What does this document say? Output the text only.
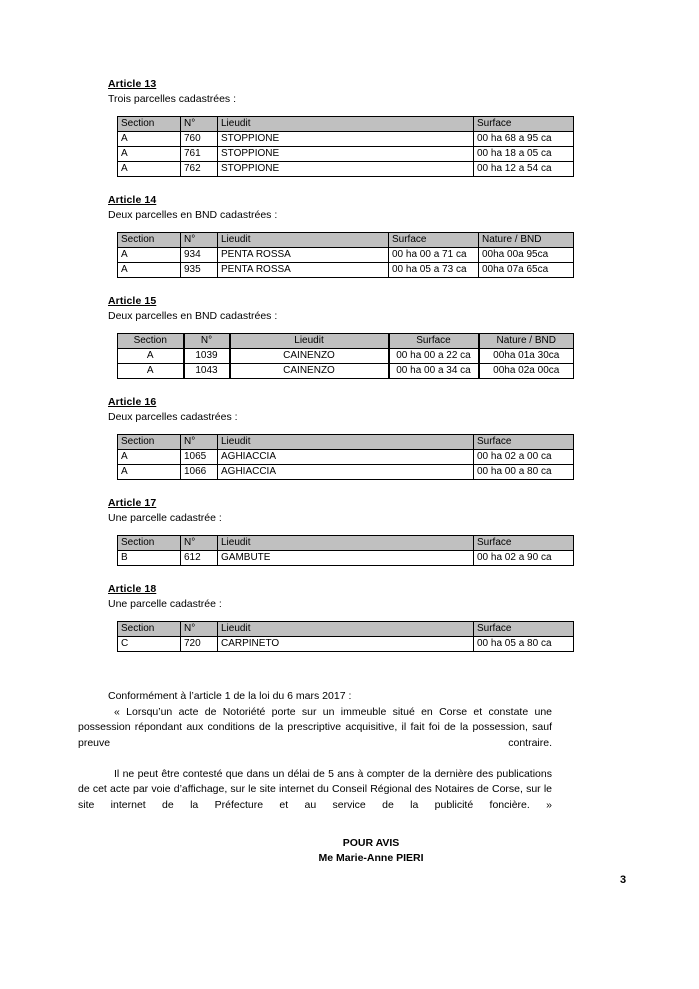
Article 13
Trois parcelles cadastrées :
Section	N°	Lieudit	Surface
A	760	STOPPIONE	00 ha 68 a 95 ca
A	761	STOPPIONE	00 ha 18 a 05 ca
A	762	STOPPIONE	00 ha 12 a 54 ca
Article 14
Deux parcelles en BND cadastrées :
Section	N°	Lieudit	Surface	Nature / BND
A	934	PENTA ROSSA	00 ha 00 a 71 ca	00ha 00a 95ca
A	935	PENTA ROSSA	00 ha 05 a 73 ca	00ha 07a 65ca
Article 15
Deux parcelles en BND cadastrées :
Section	N°	Lieudit	Surface	Nature / BND
A	1039	CAINENZO	00 ha 00 a 22 ca	00ha 01a 30ca
A	1043	CAINENZO	00 ha 00 a 34 ca	00ha 02a 00ca
Article 16
Deux parcelles cadastrées :
Section	N°	Lieudit	Surface
A	1065	AGHIACCIA	00 ha 02 a 00 ca
A	1066	AGHIACCIA	00 ha 00 a 80 ca
Article 17
Une parcelle cadastrée :
Section	N°	Lieudit	Surface
B	612	GAMBUTE	00 ha 02 a 90 ca
Article 18
Une parcelle cadastrée :
Section	N°	Lieudit	Surface
C	720	CARPINETO	00 ha 05 a 80 ca

Conformément à l’article 1 de la loi du 6 mars 2017 :

« Lorsqu’un acte de Notoriété porte sur un immeuble situé en Corse et constate une possession répondant aux conditions de la prescriptive acquisitive, il fait foi de la possession, sauf preuve contraire.

Il ne peut être contesté que dans un délai de 5 ans à compter de la dernière des publications de cet acte par voie d’affichage, sur le site internet du Conseil Régional des Notaires de Corse, sur le site internet de la Préfecture et au service de la publicité foncière. »

POUR AVIS
Me Marie-Anne PIERI
3
